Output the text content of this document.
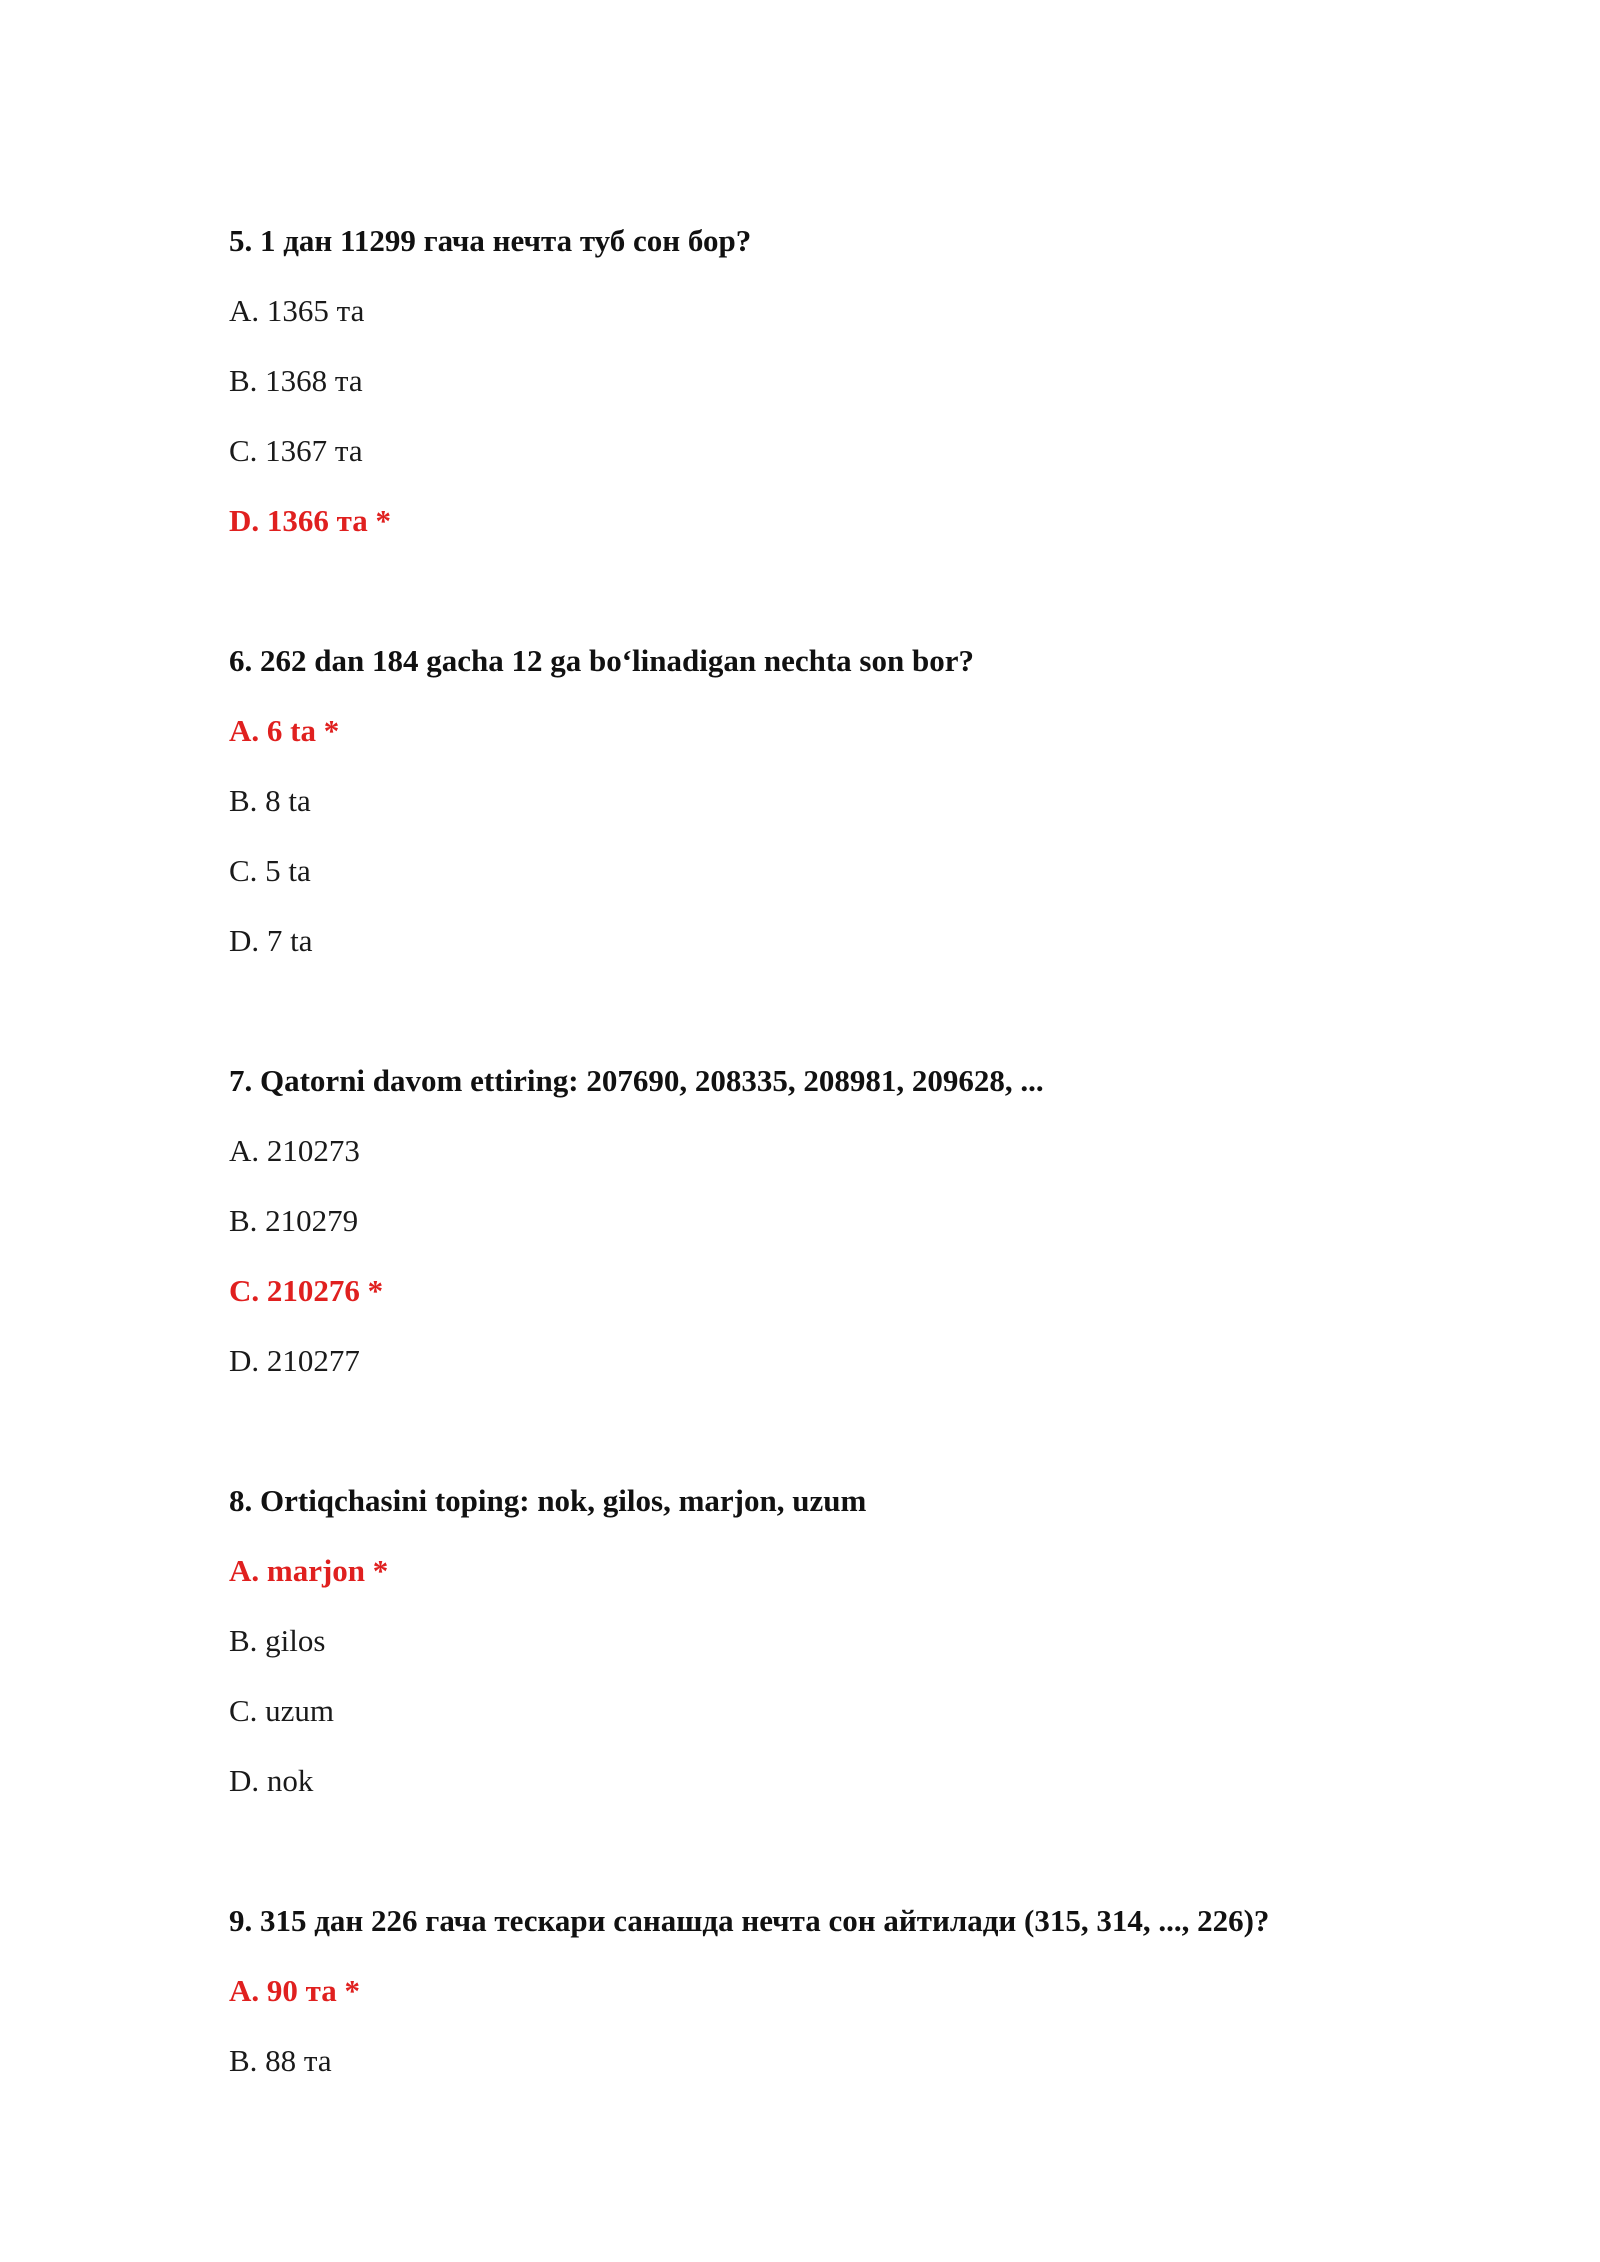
5. 1 дан 11299 гача нечта туб сон бор?
A. 1365 та
B. 1368 та
C. 1367 та
D. 1366 та *
6. 262 dan 184 gacha 12 ga bo‘linadigan nechta son bor?
A. 6 ta *
B. 8 ta
C. 5 ta
D. 7 ta
7. Qatorni davom ettiring: 207690, 208335, 208981, 209628, ...
A. 210273
B. 210279
C. 210276 *
D. 210277
8. Ortiqchasini toping: nok, gilos, marjon, uzum
A. marjon *
B. gilos
C. uzum
D. nok
9. 315 дан 226 гача тескари санашда нечта сон айтилади (315, 314, ..., 226)?
A. 90 та *
B. 88 та
